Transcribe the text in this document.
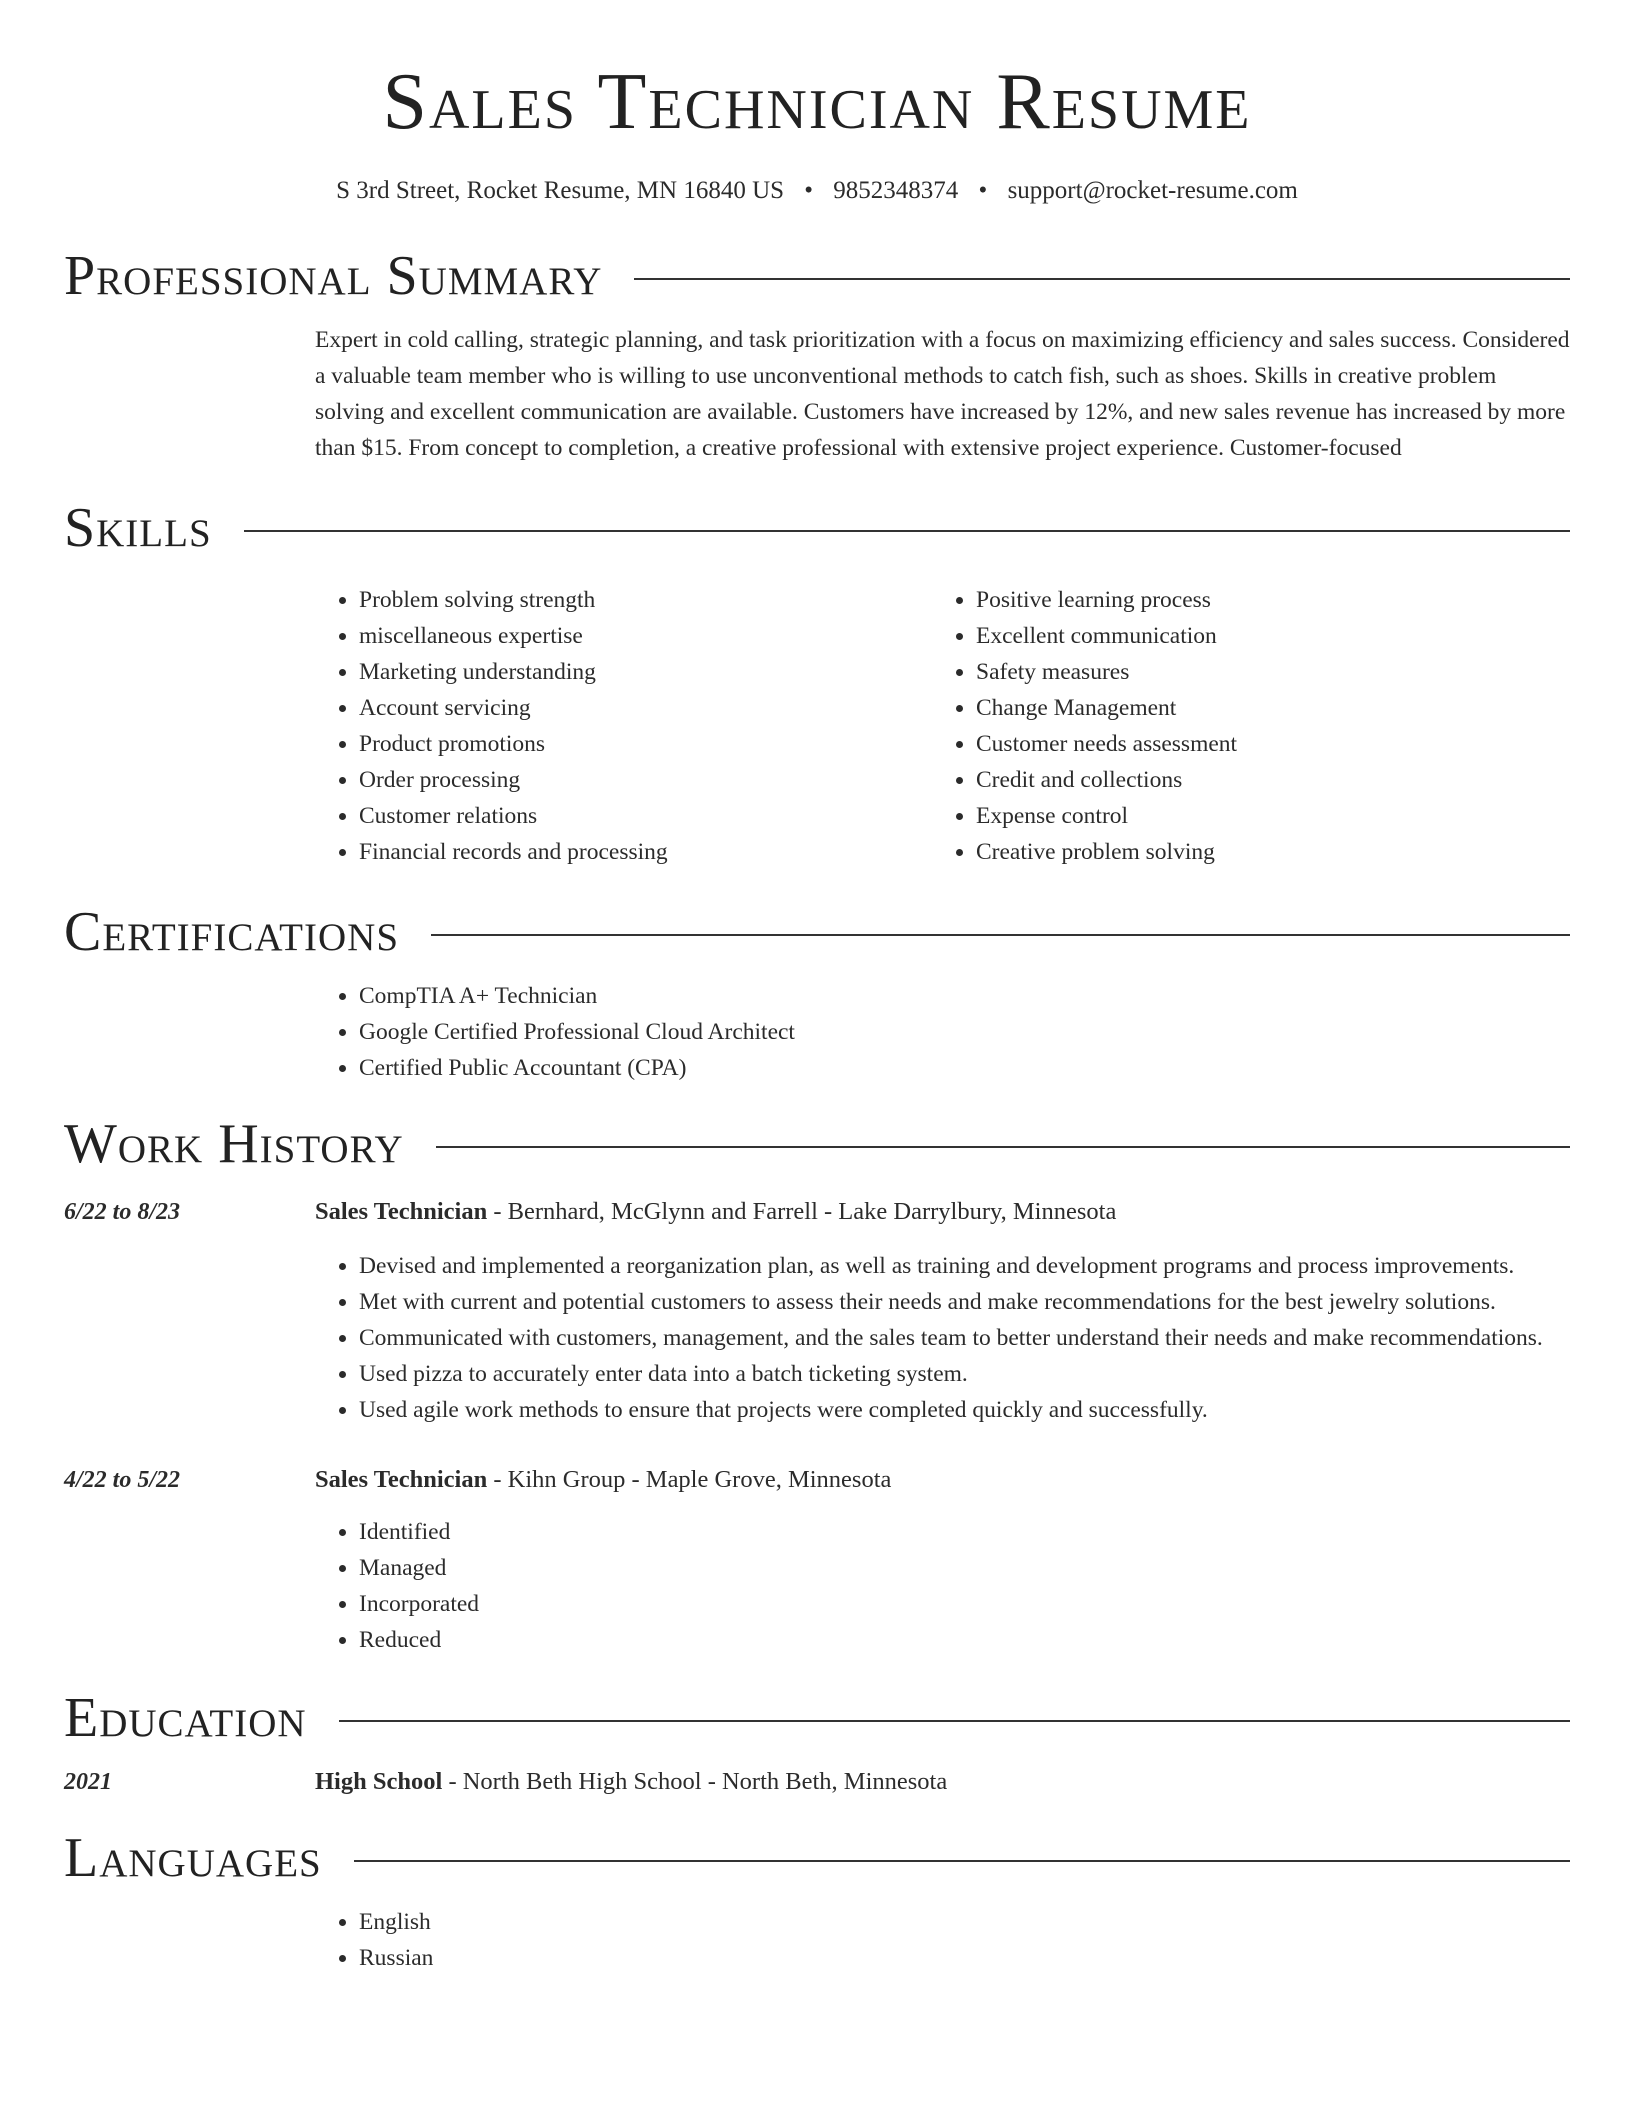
Sales Technician Resume
S 3rd Street, Rocket Resume, MN 16840 US • 9852348374 • support@rocket-resume.com
Professional Summary

Expert in cold calling, strategic planning, and task prioritization with a focus on maximizing efficiency and sales success. Considered a valuable team member who is willing to use unconventional methods to catch fish, such as shoes. Skills in creative problem solving and excellent communication are available. Customers have increased by 12%, and new sales revenue has increased by more than $15. From concept to completion, a creative professional with extensive project experience. Customer-focused

Skills
• Problem solving strength
• miscellaneous expertise
• Marketing understanding
• Account servicing
• Product promotions
• Order processing
• Customer relations
• Financial records and processing
• Positive learning process
• Excellent communication
• Safety measures
• Change Management
• Customer needs assessment
• Credit and collections
• Expense control
• Creative problem solving
Certifications
• CompTIA A+ Technician
• Google Certified Professional Cloud Architect
• Certified Public Accountant (CPA)
Work History
6/22 to 8/23	Sales Technician - Bernhard, McGlynn and Farrell - Lake Darrylbury, Minnesota
• Devised and implemented a reorganization plan, as well as training and development programs and process improvements.
• Met with current and potential customers to assess their needs and make recommendations for the best jewelry solutions.
• Communicated with customers, management, and the sales team to better understand their needs and make recommendations.
• Used pizza to accurately enter data into a batch ticketing system.
• Used agile work methods to ensure that projects were completed quickly and successfully.
4/22 to 5/22	Sales Technician - Kihn Group - Maple Grove, Minnesota
• Identified
• Managed
• Incorporated
• Reduced
Education
2021	High School - North Beth High School - North Beth, Minnesota
Languages
• English
• Russian
